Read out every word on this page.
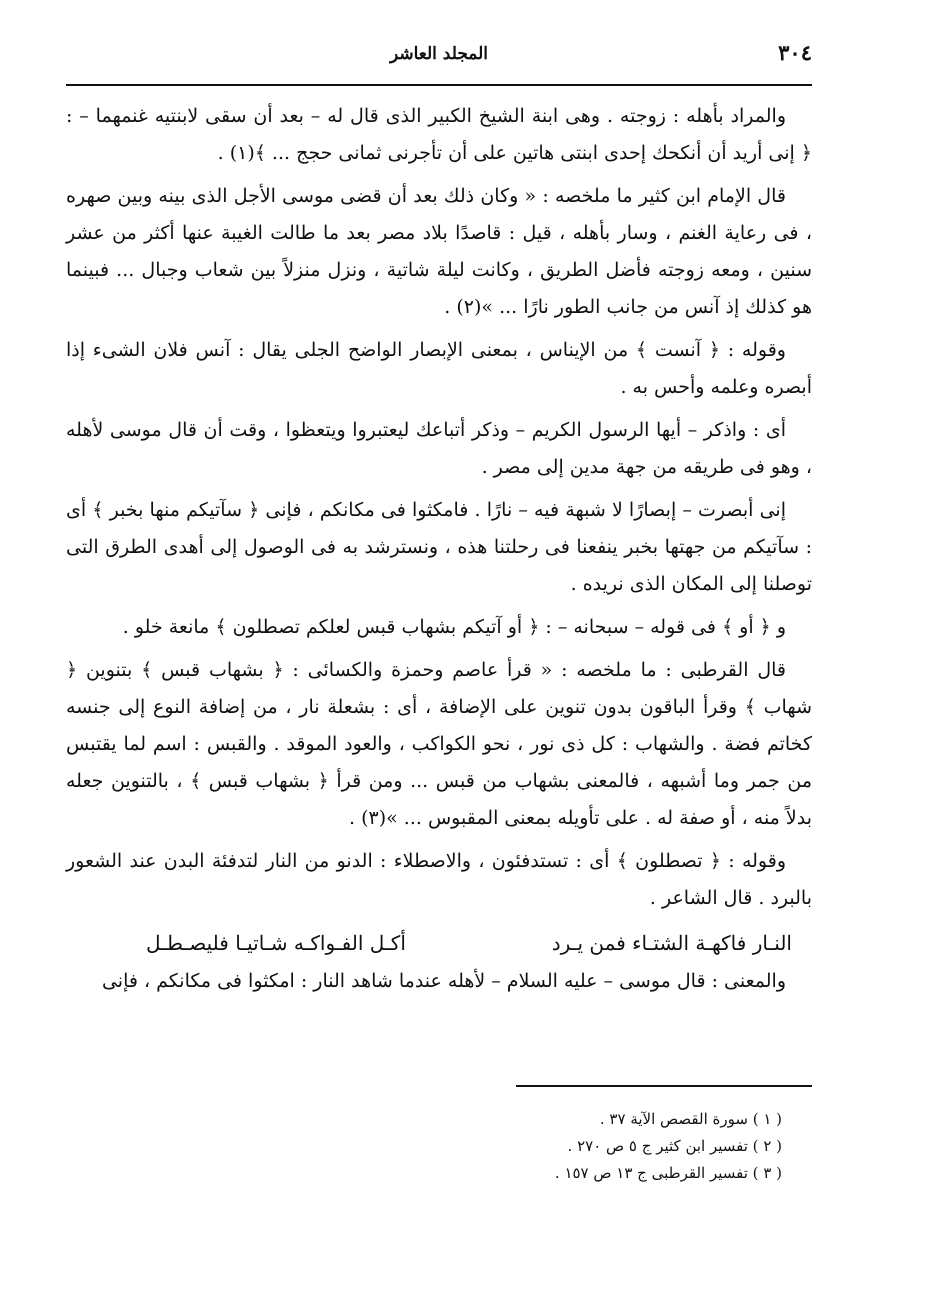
٣٠٤
المجلد العاشر

والمراد بأهله : زوجته . وهى ابنة الشيخ الكبير الذى قال له – بعد أن سقى لابنتيه غنمهما – : ﴿ إنى أريد أن أنكحك إحدى ابنتى هاتين على أن تأجرنى ثمانى حجج ... ﴾(١) .

قال الإمام ابن كثير ما ملخصه : « وكان ذلك بعد أن قضى موسى الأجل الذى بينه وبين صهره ، فى رعاية الغنم ، وسار بأهله ، قيل : قاصدًا بلاد مصر بعد ما طالت الغيبة عنها أكثر من عشر سنين ، ومعه زوجته فأضل الطريق ، وكانت ليلة شاتية ، ونزل منزلاً بين شعاب وجبال ... فبينما هو كذلك إذ آنس من جانب الطور نارًا ... »(٢) .

وقوله : ﴿ آنست ﴾ من الإيناس ، بمعنى الإبصار الواضح الجلى يقال : آنس فلان الشىء إذا أبصره وعلمه وأحس به .

أى : واذكر – أيها الرسول الكريم – وذكر أتباعك ليعتبروا ويتعظوا ، وقت أن قال موسى لأهله ، وهو فى طريقه من جهة مدين إلى مصر .

إنى أبصرت – إبصارًا لا شبهة فيه – نارًا . فامكثوا فى مكانكم ، فإنى ﴿ سآتيكم منها بخبر ﴾ أى : سآتيكم من جهتها بخبر ينفعنا فى رحلتنا هذه ، ونسترشد به فى الوصول إلى أهدى الطرق التى توصلنا إلى المكان الذى نريده .

و ﴿ أو ﴾ فى قوله – سبحانه – : ﴿ أو آتيكم بشهاب قبس لعلكم تصطلون ﴾ مانعة خلو .

قال القرطبى : ما ملخصه : « قرأ عاصم وحمزة والكسائى : ﴿ بشهاب قبس ﴾ بتنوين ﴿ شهاب ﴾ وقرأ الباقون بدون تنوين على الإضافة ، أى : بشعلة نار ، من إضافة النوع إلى جنسه كخاتم فضة . والشهاب : كل ذى نور ، نحو الكواكب ، والعود الموقد . والقبس : اسم لما يقتبس من جمر وما أشبهه ، فالمعنى بشهاب من قبس ... ومن قرأ ﴿ بشهاب قبس ﴾ ، بالتنوين جعله بدلاً منه ، أو صفة له . على تأويله بمعنى المقبوس ... »(٣) .

وقوله : ﴿ تصطلون ﴾ أى : تستدفئون ، والاصطلاء : الدنو من النار لتدفئة البدن عند الشعور بالبرد . قال الشاعر .

النـار فاكهـة الشتـاء فمن يـرد
أكـل الفـواكـه شـاتيـا فليصـطـل

والمعنى : قال موسى – عليه السلام – لأهله عندما شاهد النار : امكثوا فى مكانكم ، فإنى

( ١ ) سورة القصص الآية ٣٧ .
( ٢ ) تفسير ابن كثير ج ٥ ص ٢٧٠ .
( ٣ ) تفسير القرطبى ج ١٣ ص ١٥٧ .
